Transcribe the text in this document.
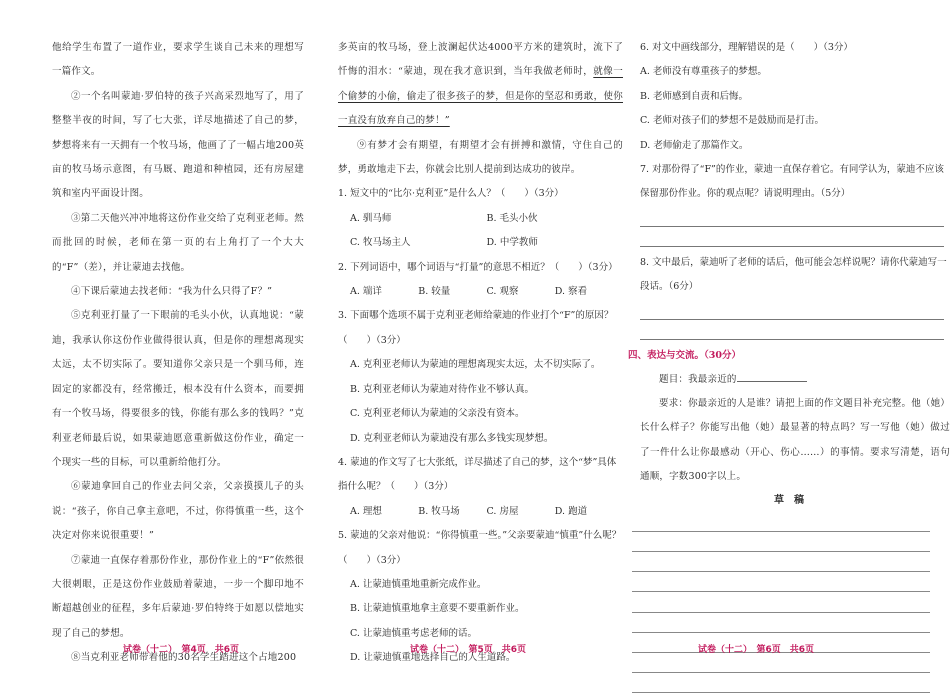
他给学生布置了一道作业，要求学生谈自己未来的理想写一篇作文。

②一个名叫蒙迪·罗伯特的孩子兴高采烈地写了，用了整整半夜的时间，写了七大张，详尽地描述了自己的梦，梦想将来有一天拥有一个牧马场，他画了了一幅占地200英亩的牧马场示意图，有马厩、跑道和种植园，还有房屋建筑和室内平面设计图。

③第二天他兴冲冲地将这份作业交给了克利亚老师。然而批回的时候，老师在第一页的右上角打了一个大大的“F”（差），并让蒙迪去找他。

④下课后蒙迪去找老师：“我为什么只得了F？”

⑤克利亚打量了一下眼前的毛头小伙，认真地说：“蒙迪，我承认你这份作业做得很认真，但是你的理想离现实太远，太不切实际了。要知道你父亲只是一个驯马师，连固定的家都没有，经常搬迁，根本没有什么资本，而要拥有一个牧马场，得要很多的钱，你能有那么多的钱吗？”克利亚老师最后说，如果蒙迪愿意重新做这份作业，确定一个现实一些的目标，可以重新给他打分。

⑥蒙迪拿回自己的作业去问父亲，父亲摸摸儿子的头说：“孩子，你自己拿主意吧，不过，你得慎重一些，这个决定对你来说很重要！”

⑦蒙迪一直保存着那份作业，那份作业上的“F”依然很大很刺眼，正是这份作业鼓励着蒙迪，一步一个脚印地不断超越创业的征程，多年后蒙迪·罗伯特终于如愿以偿地实现了自己的梦想。

⑧当克利亚老师带着他的30名学生踏进这个占地200

试卷（十二）　第4页　共6页

多英亩的牧马场，登上波澜起伏达4000平方米的建筑时，流下了忏悔的泪水：“蒙迪，现在我才意识到，当年我做老师时，就像一个偷梦的小偷，偷走了很多孩子的梦，但是你的坚忍和勇敢，使你一直没有放弃自己的梦！”

⑨有梦才会有期望，有期望才会有拼搏和激情，守住自己的梦，勇敢地走下去，你就会比别人提前到达成功的彼岸。

1. 短文中的“比尔·克利亚”是什么人？（　　）（3分）

A. 驯马师	B. 毛头小伙
C. 牧马场主人	D. 中学教师

2. 下列词语中，哪个词语与“打量”的意思不相近？（　　）（3分）

A. 端详	B. 较量	C. 观察	D. 察看

3. 下面哪个选项不属于克利亚老师给蒙迪的作业打个“F”的原因？（　　）（3分）

A. 克利亚老师认为蒙迪的理想离现实太远，太不切实际了。

B. 克利亚老师认为蒙迪对待作业不够认真。

C. 克利亚老师认为蒙迪的父亲没有资本。

D. 克利亚老师认为蒙迪没有那么多钱实现梦想。

4. 蒙迪的作文写了七大张纸，详尽描述了自己的梦，这个“梦”具体指什么呢？（　　）（3分）

A. 理想	B. 牧马场	C. 房屋	D. 跑道

5. 蒙迪的父亲对他说：“你得慎重一些。”父亲要蒙迪“慎重”什么呢？（　　）（3分）

A. 让蒙迪慎重地重新完成作业。

B. 让蒙迪慎重地拿主意要不要重新作业。

C. 让蒙迪慎重考虑老师的话。

D. 让蒙迪慎重地选择自己的人生道路。

试卷（十二）　第5页　共6页

6. 对文中画线部分，理解错误的是（　　）（3分）

A. 老师没有尊重孩子的梦想。

B. 老师感到自责和后悔。

C. 老师对孩子们的梦想不是鼓励而是打击。

D. 老师偷走了那篇作文。

7. 对那份得了“F”的作业，蒙迪一直保存着它。有同学认为，蒙迪不应该保留那份作业。你的观点呢？请说明理由。（5分）

8. 文中最后，蒙迪听了老师的话后，他可能会怎样说呢？请你代蒙迪写一段话。（6分）

四、表达与交流。（30分）

题目：我最亲近的

要求：你最亲近的人是谁？请把上面的作文题目补充完整。他（她）长什么样子？你能写出他（她）最显著的特点吗？写一写他（她）做过了一件什么让你最感动（开心、伤心……）的事情。要求写清楚，语句通顺，字数300字以上。

草　稿
试卷（十二）　第6页　共6页
